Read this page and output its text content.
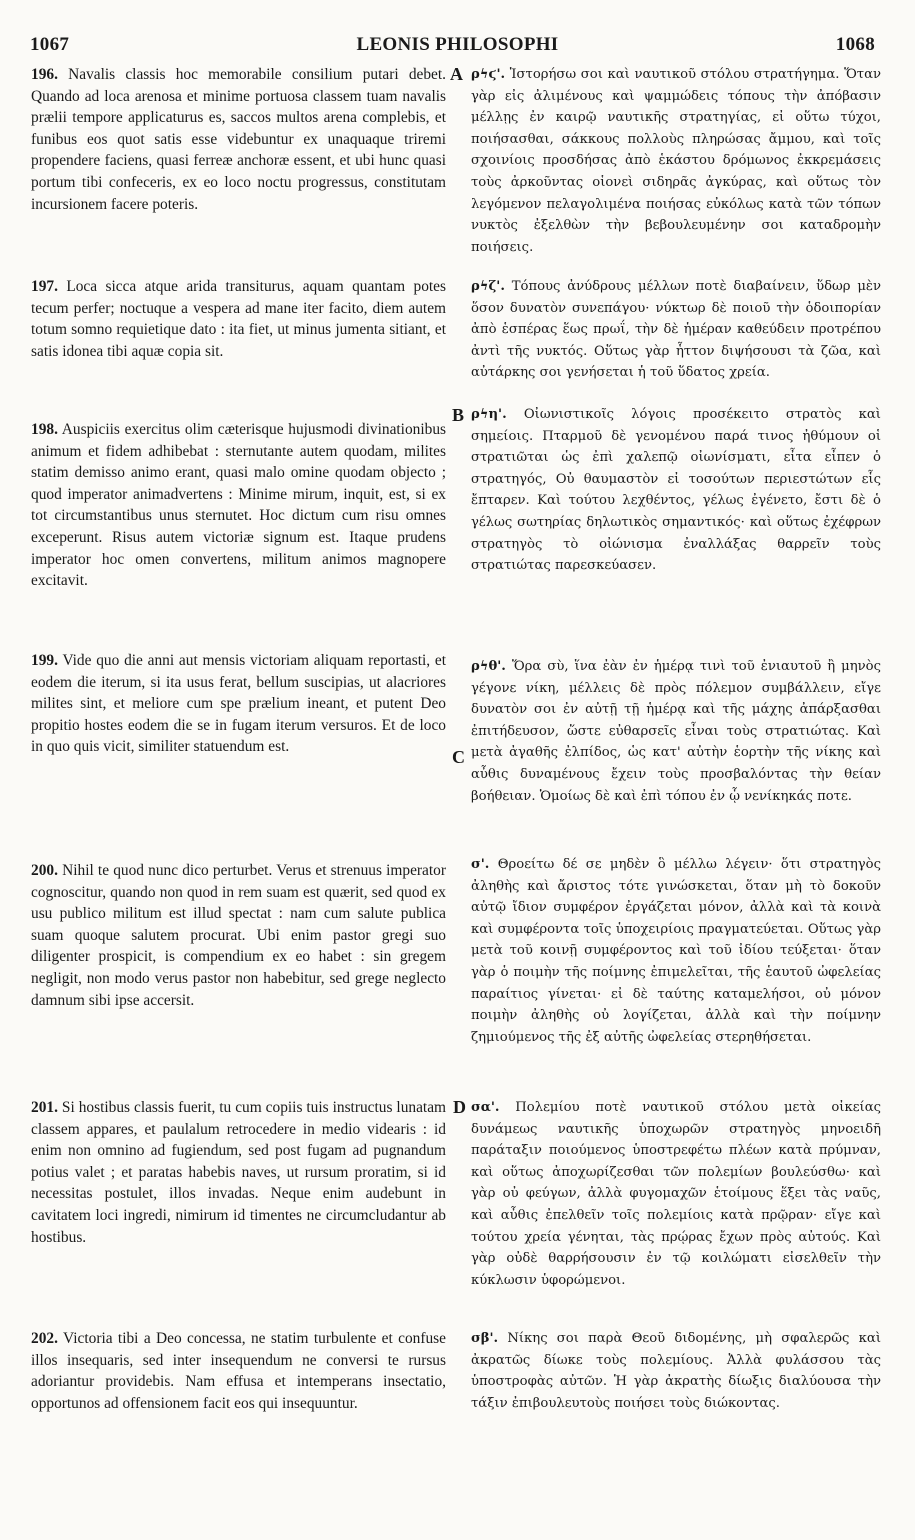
1067	LEONIS PHILOSOPHI	1068
A
B
C
D
196. Navalis classis hoc memorabile consilium putari debet. Quando ad loca arenosa et minime portuosa classem tuam navalis prælii tempore applicaturus es, saccos multos arena complebis, et funibus eos quot satis esse videbuntur ex unaquaque triremi propendere faciens, quasi ferreæ anchoræ essent, et ubi hunc quasi portum tibi confeceris, ex eo loco noctu progressus, constitutam incursionem facere poteris.
197. Loca sicca atque arida transiturus, aquam quantam potes tecum perfer; noctuque a vespera ad mane iter facito, diem autem totum somno requietique dato : ita fiet, ut minus jumenta sitiant, et satis idonea tibi aquæ copia sit.
198. Auspiciis exercitus olim cæterisque hujusmodi divinationibus animum et fidem adhibebat : sternutante autem quodam, milites statim demisso animo erant, quasi malo omine quodam objecto ; quod imperator animadvertens : Minime mirum, inquit, est, si ex tot circumstantibus unus sternutet. Hoc dictum cum risu omnes exceperunt. Risus autem victoriæ signum est. Itaque prudens imperator hoc omen convertens, militum animos magnopere excitavit.
199. Vide quo die anni aut mensis victoriam aliquam reportasti, et eodem die iterum, si ita usus ferat, bellum suscipias, ut alacriores milites sint, et meliore cum spe prælium ineant, et putent Deo propitio hostes eodem die se in fugam iterum versuros. Et de loco in quo quis vicit, similiter statuendum est.
200. Nihil te quod nunc dico perturbet. Verus et strenuus imperator cognoscitur, quando non quod in rem suam est quærit, sed quod ex usu publico militum est illud spectat : nam cum salute publica suam quoque salutem procurat. Ubi enim pastor gregi suo diligenter prospicit, is compendium ex eo habet : sin gregem negligit, non modo verus pastor non habebitur, sed grege neglecto damnum sibi ipse accersit.
201. Si hostibus classis fuerit, tu cum copiis tuis instructus lunatam classem appares, et paulalum retrocedere in medio videaris : id enim non omnino ad fugiendum, sed post fugam ad pugnandum potius valet ; et paratas habebis naves, ut rursum proratim, si id necessitas postulet, illos invadas. Neque enim audebunt in cavitatem loci ingredi, nimirum id timentes ne circumcludantur ab hostibus.
202. Victoria tibi a Deo concessa, ne statim turbulente et confuse illos insequaris, sed inter insequendum ne conversi te rursus adoriantur providebis. Nam effusa et intemperans insectatio, opportunos ad offensionem facit eos qui insequuntur.
ρϟϛ'. Ἱστορήσω σοι καὶ ναυτικοῦ στόλου στρατήγημα. Ὅταν γὰρ εἰς ἀλιμένους καὶ ψαμμώδεις τόπους τὴν ἀπόβασιν μέλλῃς ἐν καιρῷ ναυτικῆς στρατηγίας, εἰ οὕτω τύχοι, ποιήσασθαι, σάκκους πολλοὺς πληρώσας ἄμμου, καὶ τοῖς σχοινίοις προσδήσας ἀπὸ ἑκάστου δρόμωνος ἐκκρεμάσεις τοὺς ἀρκοῦντας οἱονεὶ σιδηρᾶς ἀγκύρας, καὶ οὕτως τὸν λεγόμενον πελαγολιμένα ποιήσας εὐκόλως κατὰ τῶν τόπων νυκτὸς ἐξελθὼν τὴν βεβουλευμένην σοι καταδρομὴν ποιήσεις.
ρϟζ'. Τόπους ἀνύδρους μέλλων ποτὲ διαβαίνειν, ὕδωρ μὲν ὅσον δυνατὸν συνεπάγου· νύκτωρ δὲ ποιοῦ τὴν ὁδοιπορίαν ἀπὸ ἑσπέρας ἕως πρωΐ, τὴν δὲ ἡμέραν καθεύδειν προτρέπου ἀντὶ τῆς νυκτός. Οὕτως γὰρ ἧττον διψήσουσι τὰ ζῶα, καὶ αὐτάρκης σοι γενήσεται ἡ τοῦ ὕδατος χρεία.
ρϟη'. Οἰωνιστικοῖς λόγοις προσέκειτο στρατὸς καὶ σημείοις. Πταρμοῦ δὲ γενομένου παρά τινος ἠθύμουν οἱ στρατιῶται ὡς ἐπὶ χαλεπῷ οἰωνίσματι, εἶτα εἶπεν ὁ στρατηγός, Οὐ θαυμαστὸν εἰ τοσούτων περιεστώτων εἷς ἔπταρεν. Καὶ τούτου λεχθέντος, γέλως ἐγένετο, ἔστι δὲ ὁ γέλως σωτηρίας δηλωτικὸς σημαντικός· καὶ οὕτως ἐχέφρων στρατηγὸς τὸ οἰώνισμα ἐναλλάξας θαρρεῖν τοὺς στρατιώτας παρεσκεύασεν.
ρϟθ'. Ὅρα σὺ, ἵνα ἐὰν ἐν ἡμέρᾳ τινὶ τοῦ ἐνιαυτοῦ ἢ μηνὸς γέγονε νίκη, μέλλεις δὲ πρὸς πόλεμον συμβάλλειν, εἴγε δυνατὸν σοι ἐν αὐτῇ τῇ ἡμέρᾳ καὶ τῆς μάχης ἀπάρξασθαι ἐπιτήδευσον, ὥστε εὐθαρσεῖς εἶναι τοὺς στρατιώτας. Καὶ μετὰ ἀγαθῆς ἐλπίδος, ὡς κατ' αὐτὴν ἑορτὴν τῆς νίκης καὶ αὖθις δυναμένους ἔχειν τοὺς προσβαλόντας τὴν θείαν βοήθειαν. Ὁμοίως δὲ καὶ ἐπὶ τόπου ἐν ᾧ νενίκηκάς ποτε.
σ'. Θροείτω δέ σε μηδὲν ὃ μέλλω λέγειν· ὅτι στρατηγὸς ἀληθὴς καὶ ἄριστος τότε γινώσκεται, ὅταν μὴ τὸ δοκοῦν αὐτῷ ἴδιον συμφέρον ἐργάζεται μόνον, ἀλλὰ καὶ τὰ κοινὰ καὶ συμφέροντα τοῖς ὑποχειρίοις πραγματεύεται. Οὕτως γὰρ μετὰ τοῦ κοινῇ συμφέροντος καὶ τοῦ ἰδίου τεύξεται· ὅταν γὰρ ὁ ποιμὴν τῆς ποίμνης ἐπιμελεῖται, τῆς ἑαυτοῦ ὠφελείας παραίτιος γίνεται· εἰ δὲ ταύτης καταμελήσοι, οὐ μόνον ποιμὴν ἀληθὴς οὐ λογίζεται, ἀλλὰ καὶ τὴν ποίμνην ζημιούμενος τῆς ἐξ αὐτῆς ὠφελείας στερηθήσεται.
σα'. Πολεμίου ποτὲ ναυτικοῦ στόλου μετὰ οἰκείας δυνάμεως ναυτικῆς ὑποχωρῶν στρατηγὸς μηνοειδῆ παράταξιν ποιούμενος ὑποστρεφέτω πλέων κατὰ πρύμναν, καὶ οὕτως ἀποχωρίζεσθαι τῶν πολεμίων βουλεύσθω· καὶ γὰρ οὐ φεύγων, ἀλλὰ φυγομαχῶν ἑτοίμους ἕξει τὰς ναῦς, καὶ αὖθις ἐπελθεῖν τοῖς πολεμίοις κατὰ πρῷραν· εἴγε καὶ τούτου χρεία γένηται, τὰς πρῴρας ἔχων πρὸς αὐτούς. Καὶ γὰρ οὐδὲ θαρρήσουσιν ἐν τῷ κοιλώματι εἰσελθεῖν τὴν κύκλωσιν ὑφορώμενοι.
σβ'. Νίκης σοι παρὰ Θεοῦ διδομένης, μὴ σφαλερῶς καὶ ἀκρατῶς δίωκε τοὺς πολεμίους. Ἀλλὰ φυλάσσου τὰς ὑποστροφὰς αὐτῶν. Ἡ γὰρ ἀκρατὴς δίωξις διαλύουσα τὴν τάξιν ἐπιβουλευτοὺς ποιήσει τοὺς διώκοντας.
